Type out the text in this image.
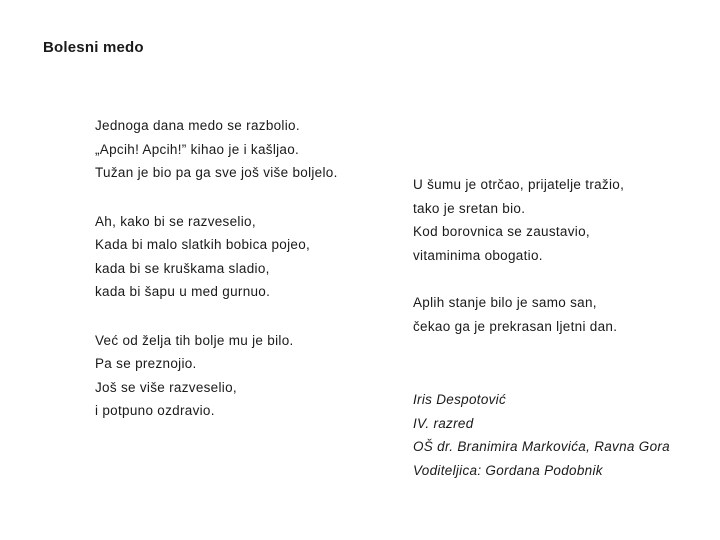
Bolesni medo
Jednoga dana medo se razbolio.
„Apcih! Apcih!” kihao je i kašljao.
Tužan je bio pa ga sve još više boljelo.
Ah, kako bi se razveselio,
Kada bi malo slatkih bobica pojeo,
kada bi se kruškama sladio,
kada bi šapu u med gurnuo.
Već od želja tih bolje mu je bilo.
Pa se preznojio.
Još se više razveselio,
i potpuno ozdravio.
U šumu je otrčao, prijatelje tražio,
tako je sretan bio.
Kod borovnica se zaustavio,
vitaminima obogatio.
Aplih stanje bilo je samo san,
čekao ga je prekrasan ljetni dan.
Iris Despotović
IV. razred
OŠ dr. Branimira Markovića, Ravna Gora
Voditeljica: Gordana Podobnik
